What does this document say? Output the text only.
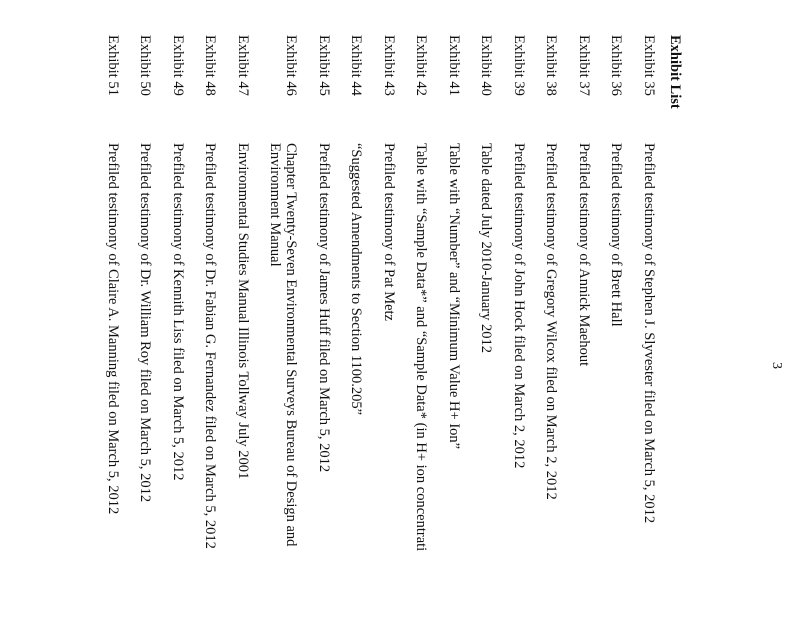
3
Exhibit List
Exhibit 35
Prefiled testimony of Stephen J. Slyvester filed on March 5, 2012
Exhibit 36
Prefiled testimony of Brett Hall
Exhibit 37
Prefiled testimony of Annick Maehout
Exhibit 38
Prefiled testimony of Gregory Wilcox filed on March 2, 2012
Exhibit 39
Prefiled testimony of John Hock filed on March 2, 2012
Exhibit 40
Table dated July 2010-January 2012
Exhibit 41
Table with “Number” and “Minimum Value H+ Ion”
Exhibit 42
Table with “Sample Data*” and “Sample Data* (in H+ ion concentrati
Exhibit 43
Prefiled testimony of Pat Metz
Exhibit 44
“Suggested Amendments to Section 1100.205”
Exhibit 45
Prefiled testimony of James Huff filed on March 5, 2012
Exhibit 46
Chapter Twenty-Seven Environmental Surveys Bureau of Design and Environment Manual
Exhibit 47
Environmental Studies Manual Illinois Tollway July 2001
Exhibit 48
Prefiled testimony of Dr. Fabian G. Fernandez filed on March 5, 2012
Exhibit 49
Prefiled testimony of Kennith Liss filed on March 5, 2012
Exhibit 50
Prefiled testimony of Dr. William Roy filed on March 5, 2012
Exhibit 51
Prefiled testimony of Claire A. Manning filed on March 5, 2012
